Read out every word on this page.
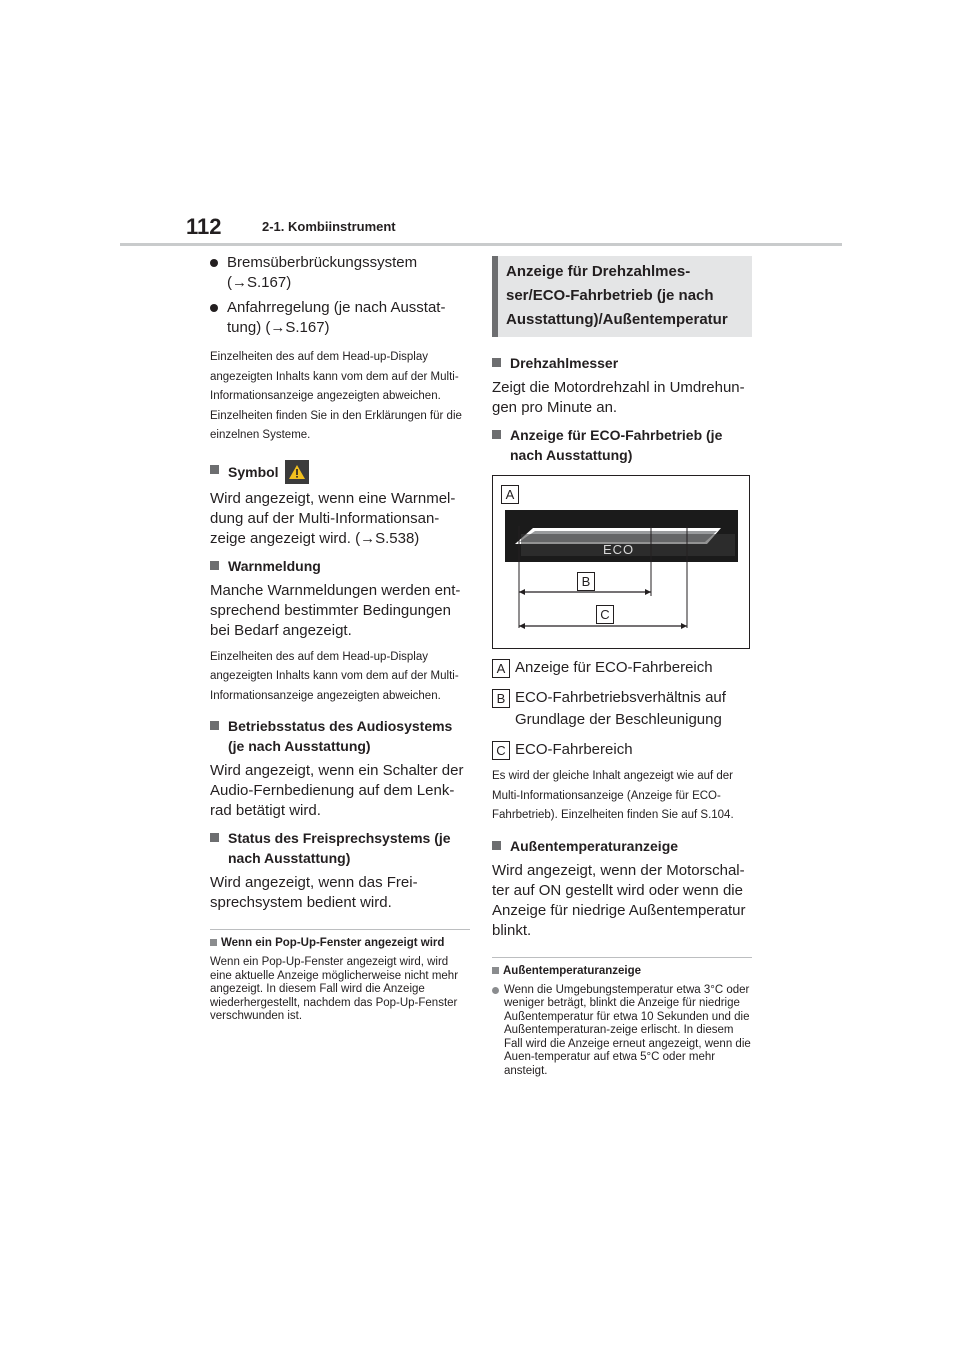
112	2-1. Kombiinstrument

Bremsüberbrückungssystem (→S.167)

Anfahrregelung (je nach Ausstat-tung) (→S.167)

Einzelheiten des auf dem Head-up-Display angezeigten Inhalts kann vom dem auf der Multi-Informationsanzeige angezeigten abweichen. Einzelheiten finden Sie in den Erklärungen für die einzelnen Systeme.

Symbol

Wird angezeigt, wenn eine Warnmel-dung auf der Multi-Informationsan-zeige angezeigt wird. (→S.538)

Warnmeldung

Manche Warnmeldungen werden ent-sprechend bestimmter Bedingungen bei Bedarf angezeigt.

Einzelheiten des auf dem Head-up-Display angezeigten Inhalts kann vom dem auf der Multi-Informationsanzeige angezeigten abweichen.

Betriebsstatus des Audiosystems (je nach Ausstattung)

Wird angezeigt, wenn ein Schalter der Audio-Fernbedienung auf dem Lenk-rad betätigt wird.

Status des Freisprechsystems (je nach Ausstattung)

Wird angezeigt, wenn das Frei-sprechsystem bedient wird.

Wenn ein Pop-Up-Fenster angezeigt wird

Wenn ein Pop-Up-Fenster angezeigt wird, wird eine aktuelle Anzeige möglicherweise nicht mehr angezeigt. In diesem Fall wird die Anzeige wiederhergestellt, nachdem das Pop-Up-Fenster verschwunden ist.

Anzeige für Drehzahlmes-ser/ECO-Fahrbetrieb (je nach Ausstattung)/Außentemperatur

Drehzahlmesser

Zeigt die Motordrehzahl in Umdrehun-gen pro Minute an.

Anzeige für ECO-Fahrbetrieb (je nach Ausstattung)

A
ECO
B
C
A Anzeige für ECO-Fahrbereich
B ECO-Fahrbetriebsverhältnis auf Grundlage der Beschleunigung
C ECO-Fahrbereich

Es wird der gleiche Inhalt angezeigt wie auf der Multi-Informationsanzeige (Anzeige für ECO-Fahrbetrieb). Einzelheiten finden Sie auf S.104.

Außentemperaturanzeige

Wird angezeigt, wenn der Motorschal-ter auf ON gestellt wird oder wenn die Anzeige für niedrige Außentemperatur blinkt.

Außentemperaturanzeige

Wenn die Umgebungstemperatur etwa 3°C oder weniger beträgt, blinkt die Anzeige für niedrige Außentemperatur für etwa 10 Sekunden und die Außentemperaturan-zeige erlischt. In diesem Fall wird die Anzeige erneut angezeigt, wenn die Auen-temperatur auf etwa 5°C oder mehr ansteigt.
